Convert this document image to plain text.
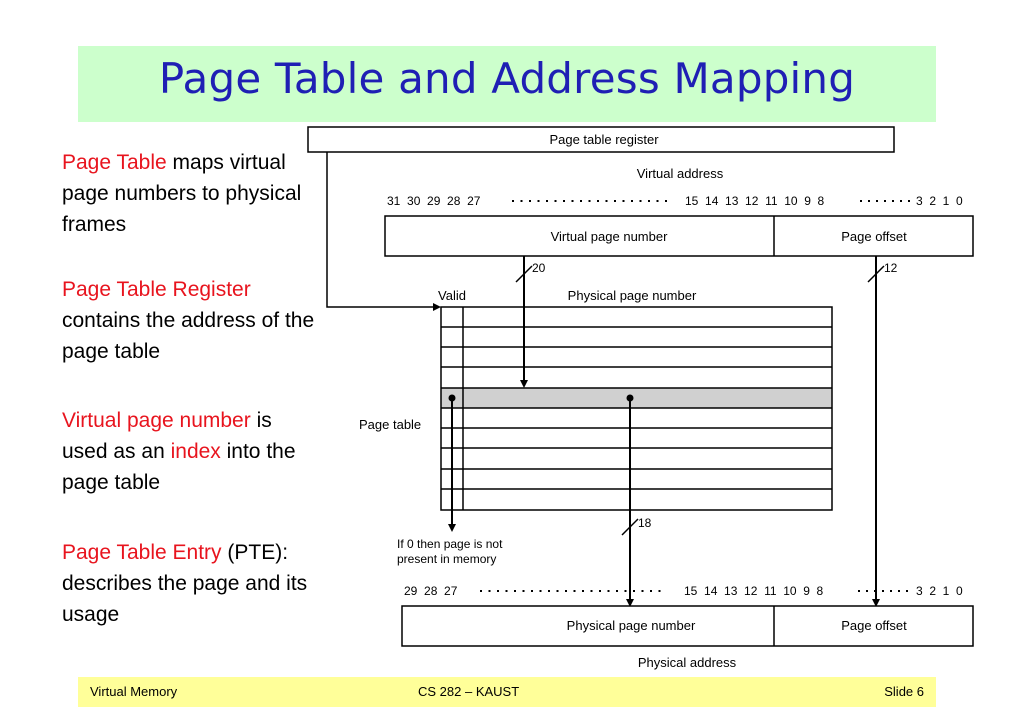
Page Table and Address Mapping
Page Table maps virtual page numbers to physical frames
Page Table Register contains the address of the page table
Virtual page number is used as an index into the page table
Page Table Entry (PTE): describes the page and its usage
Page table register
Virtual address
31  30  29  28  27	15  14  13  12  11  10  9  8	3  2  1  0
Virtual page number	Page offset
20	12
Valid	Physical page number
Page table
If 0 then page is not
present in memory
18
29  28  27	15  14  13  12  11  10  9  8	3  2  1  0
Physical page number	Page offset
Physical address
Virtual Memory	CS 282 – KAUST	Slide 6
